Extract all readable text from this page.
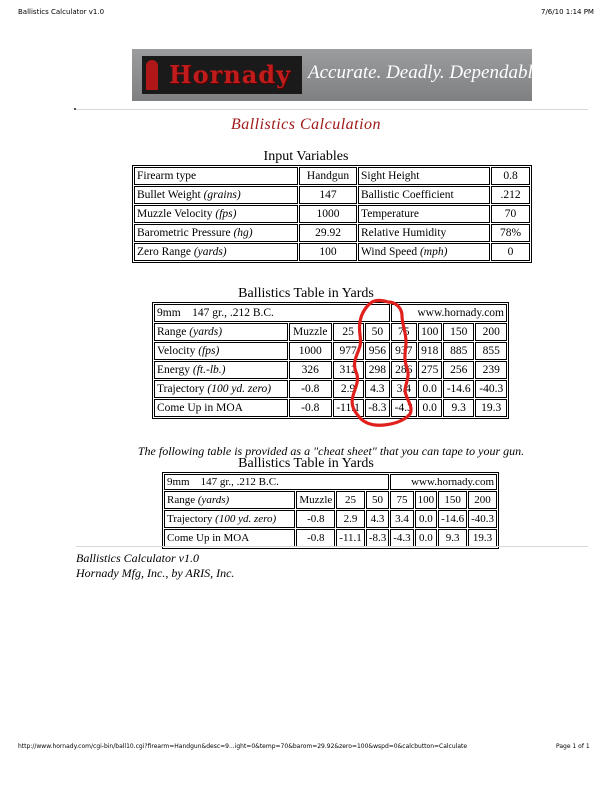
Ballistics Calculator v1.0	7/6/10 1:14 PM
Hornady Accurate. Deadly. Dependable.™
Ballistics Calculation
Input Variables
Firearm type	Handgun	Sight Height	0.8
Bullet Weight (grains)	147	Ballistic Coefficient	.212
Muzzle Velocity (fps)	1000	Temperature	70
Barometric Pressure (hg)	29.92	Relative Humidity	78%
Zero Range (yards)	100	Wind Speed (mph)	0
Ballistics Table in Yards
9mm    147 gr., .212 B.C.				www.hornady.com			
Range (yards)	Muzzle	25	50	75	100	150	200
Velocity (fps)	1000	977	956	937	918	885	855
Energy (ft.-lb.)	326	312	298	286	275	256	239
Trajectory (100 yd. zero)	-0.8	2.9	4.3	3.4	0.0	-14.6	-40.3
Come Up in MOA	-0.8	-11.1	-8.3	-4.3	0.0	9.3	19.3
The following table is provided as a "cheat sheet" that you can tape to your gun.
Ballistics Table in Yards
9mm    147 gr., .212 B.C.				www.hornady.com			
Range (yards)	Muzzle	25	50	75	100	150	200
Trajectory (100 yd. zero)	-0.8	2.9	4.3	3.4	0.0	-14.6	-40.3
Come Up in MOA	-0.8	-11.1	-8.3	-4.3	0.0	9.3	19.3
Ballistics Calculator v1.0
Hornady Mfg, Inc., by ARIS, Inc.
http://www.hornady.com/cgi-bin/ball10.cgi?firearm=Handgun&desc=9...ight=0&temp=70&barom=29.92&zero=100&wspd=0&calcbutton=Calculate	Page 1 of 1
